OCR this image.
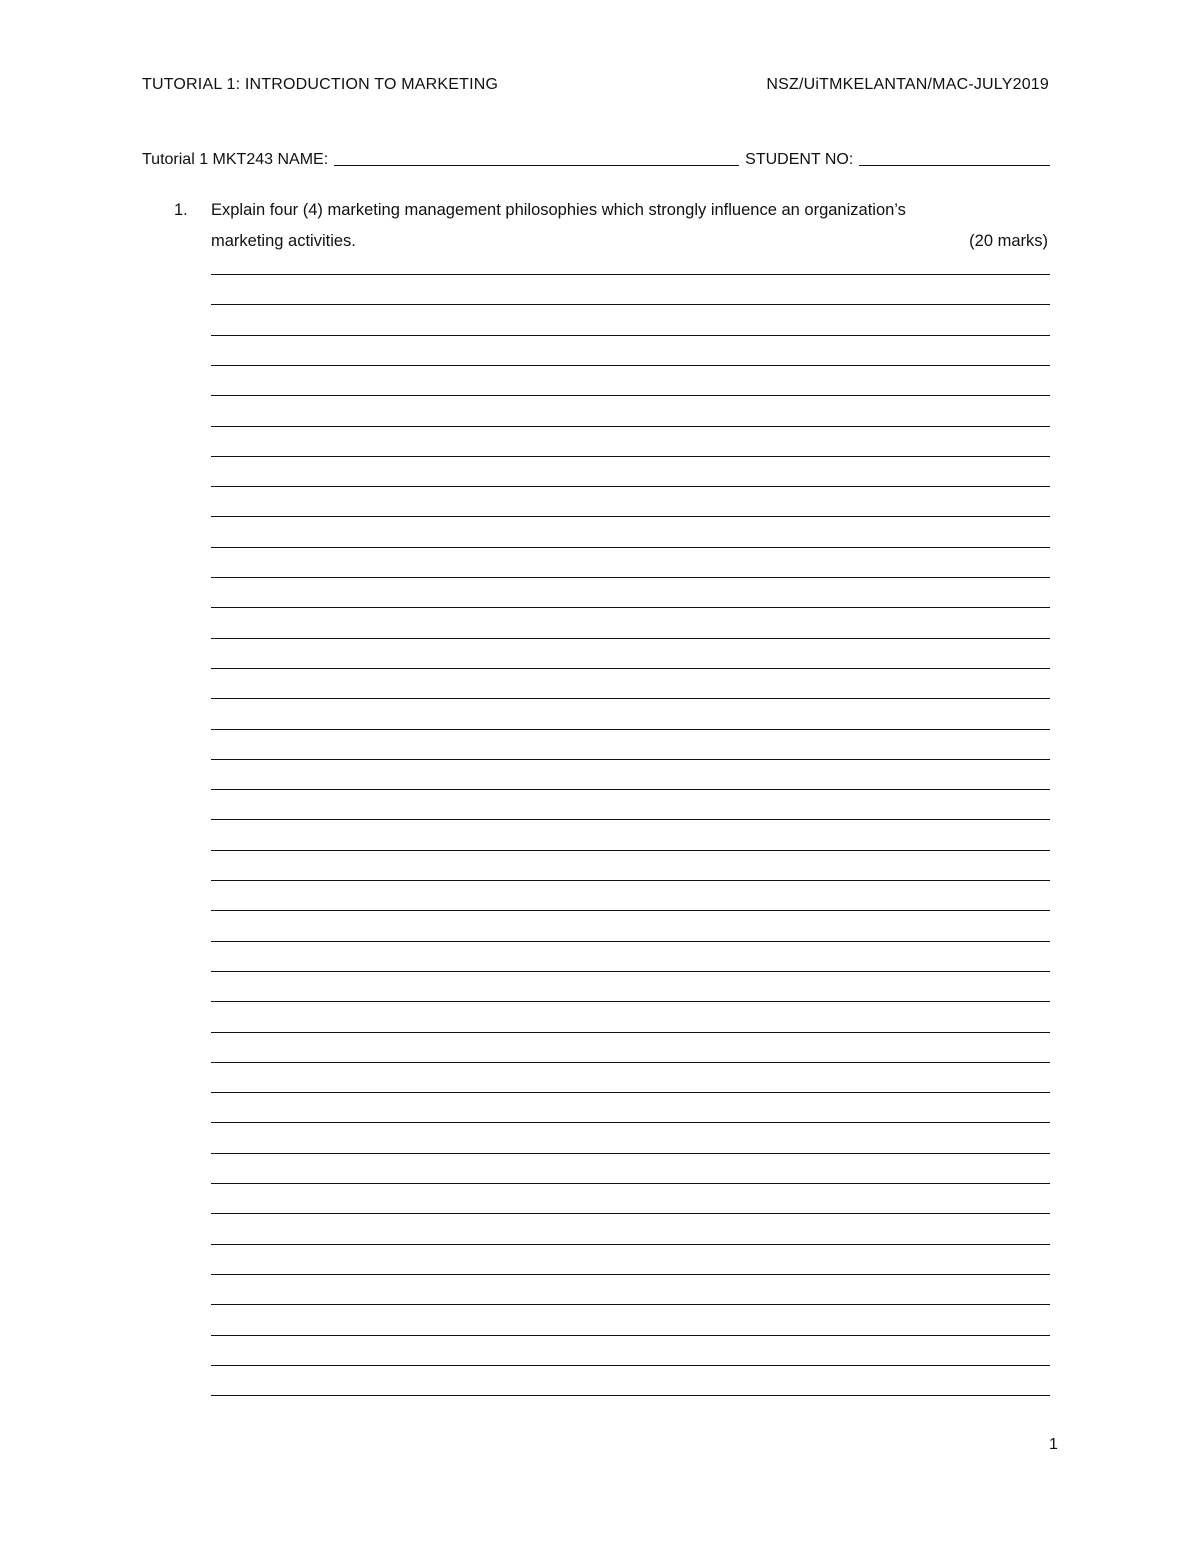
TUTORIAL 1: INTRODUCTION TO MARKETING	NSZ/UiTMKELANTAN/MAC-JULY2019
Tutorial 1 MKT243 NAME:	STUDENT NO:
1. Explain four (4) marketing management philosophies which strongly influence an organization’s
marketing activities.	(20 marks)
1
